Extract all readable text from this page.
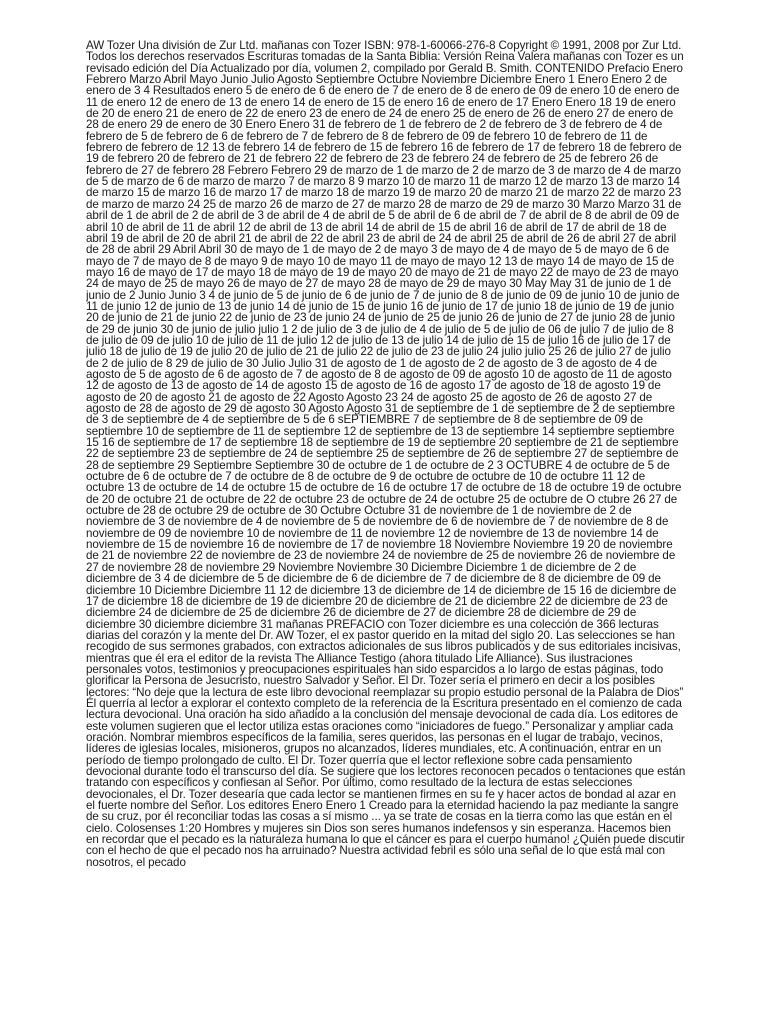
AW Tozer Una división de Zur Ltd. mañanas con Tozer ISBN: 978-1-60066-276-8 Copyright © 1991, 2008 por Zur Ltd. Todos los derechos reservados Escrituras tomadas de la Santa Biblia: Versión Reina Valera mañanas con Tozer es un revisado edición del Día Actualizado por día, volumen 2, compilado por Gerald B. Smith. CONTENIDO Prefacio Enero Febrero Marzo Abril Mayo Junio Julio Agosto Septiembre Octubre Noviembre Diciembre Enero 1 Enero Enero 2 de enero de 3 4 Resultados enero 5 de enero de 6 de enero de 7 de enero de 8 de enero de 09 de enero 10 de enero de 11 de enero 12 de enero de 13 de enero 14 de enero de 15 de enero 16 de enero de 17 Enero Enero 18 19 de enero de 20 de enero 21 de enero de 22 de enero 23 de enero de 24 de enero 25 de enero de 26 de enero 27 de enero de 28 de enero 29 de enero de 30 Enero Enero 31 de febrero de 1 de febrero de 2 de febrero de 3 de febrero de 4 de febrero de 5 de febrero de 6 de febrero de 7 de febrero de 8 de febrero de 09 de febrero 10 de febrero de 11 de febrero de febrero de 12 13 de febrero 14 de febrero de 15 de febrero 16 de febrero de 17 de febrero 18 de febrero de 19 de febrero 20 de febrero de 21 de febrero 22 de febrero de 23 de febrero 24 de febrero de 25 de febrero 26 de febrero de 27 de febrero 28 Febrero Febrero 29 de marzo de 1 de marzo de 2 de marzo de 3 de marzo de 4 de marzo de 5 de marzo de 6 de marzo de marzo 7 de marzo 8 9 marzo 10 de marzo 11 de marzo 12 de marzo 13 de marzo 14 de marzo 15 de marzo 16 de marzo 17 de marzo 18 de marzo 19 de marzo 20 de marzo 21 de marzo 22 de marzo 23 de marzo de marzo 24 25 de marzo 26 de marzo de 27 de marzo 28 de marzo de 29 de marzo 30 Marzo Marzo 31 de abril de 1 de abril de 2 de abril de 3 de abril de 4 de abril de 5 de abril de 6 de abril de 7 de abril de 8 de abril de 09 de abril 10 de abril de 11 de abril 12 de abril de 13 de abril 14 de abril de 15 de abril 16 de abril de 17 de abril de 18 de abril 19 de abril de 20 de abril 21 de abril de 22 de abril 23 de abril de 24 de abril 25 de abril de 26 de abril 27 de abril de 28 de abril 29 Abril Abril 30 de mayo de 1 de mayo de 2 de mayo 3 de mayo de 4 de mayo de 5 de mayo de 6 de mayo de 7 de mayo de 8 de mayo 9 de mayo 10 de mayo 11 de mayo de mayo 12 13 de mayo 14 de mayo de 15 de mayo 16 de mayo de 17 de mayo 18 de mayo de 19 de mayo 20 de mayo de 21 de mayo 22 de mayo de 23 de mayo 24 de mayo de 25 de mayo 26 de mayo de 27 de mayo 28 de mayo de 29 de mayo 30 May May 31 de junio de 1 de junio de 2 Junio Junio 3 4 de junio de 5 de junio de 6 de junio de 7 de junio de 8 de junio de 09 de junio 10 de junio de 11 de junio 12 de junio de 13 de junio 14 de junio de 15 de junio 16 de junio de 17 de junio 18 de junio de 19 de junio 20 de junio de 21 de junio 22 de junio de 23 de junio 24 de junio de 25 de junio 26 de junio de 27 de junio 28 de junio de 29 de junio 30 de junio de julio julio 1 2 de julio de 3 de julio de 4 de julio de 5 de julio de 06 de julio 7 de julio de 8 de julio de 09 de julio 10 de julio de 11 de julio 12 de julio de 13 de julio 14 de julio de 15 de julio 16 de julio de 17 de julio 18 de julio de 19 de julio 20 de julio de 21 de julio 22 de julio de 23 de julio 24 julio julio 25 26 de julio 27 de julio de 2 de julio de 8 29 de julio de 30 Julio Julio 31 de agosto de 1 de agosto de 2 de agosto de 3 de agosto de 4 de agosto de 5 de agosto de 6 de agosto de 7 de agosto de 8 de agosto de 09 de agosto 10 de agosto de 11 de agosto 12 de agosto de 13 de agosto de 14 de agosto 15 de agosto de 16 de agosto 17 de agosto de 18 de agosto 19 de agosto de 20 de agosto 21 de agosto de 22 Agosto Agosto 23 24 de agosto 25 de agosto de 26 de agosto 27 de agosto de 28 de agosto de 29 de agosto 30 Agosto Agosto 31 de septiembre de 1 de septiembre de 2 de septiembre de 3 de septiembre de 4 de septiembre de 5 de 6 sEPTIEMBRE 7 de septiembre de 8 de septiembre de 09 de septiembre 10 de septiembre de 11 de septiembre 12 de septiembre de 13 de septiembre 14 septiembre septiembre 15 16 de septiembre de 17 de septiembre 18 de septiembre de 19 de septiembre 20 septiembre de 21 de septiembre 22 de septiembre 23 de septiembre de 24 de septiembre 25 de septiembre de 26 de septiembre 27 de septiembre de 28 de septiembre 29 Septiembre Septiembre 30 de octubre de 1 de octubre de 2 3 OCTUBRE 4 de octubre de 5 de octubre de 6 de octubre de 7 de octubre de 8 de octubre de 9 de octubre de octubre de 10 de octubre 11 12 de octubre 13 de octubre de 14 de octubre 15 de octubre de 16 de octubre 17 de octubre de 18 de octubre 19 de octubre de 20 de octubre 21 de octubre de 22 de octubre 23 de octubre de 24 de octubre 25 de octubre de O ctubre 26 27 de octubre de 28 de octubre 29 de octubre de 30 Octubre Octubre 31 de noviembre de 1 de noviembre de 2 de noviembre de 3 de noviembre de 4 de noviembre de 5 de noviembre de 6 de noviembre de 7 de noviembre de 8 de noviembre de 09 de noviembre 10 de noviembre de 11 de noviembre 12 de noviembre de 13 de noviembre 14 de noviembre de 15 de noviembre 16 de noviembre de 17 de noviembre 18 Noviembre Noviembre 19 20 de noviembre de 21 de noviembre 22 de noviembre de 23 de noviembre 24 de noviembre de 25 de noviembre 26 de noviembre de 27 de noviembre 28 de noviembre 29 Noviembre Noviembre 30 Diciembre Diciembre 1 de diciembre de 2 de diciembre de 3 4 de diciembre de 5 de diciembre de 6 de diciembre de 7 de diciembre de 8 de diciembre de 09 de diciembre 10 Diciembre Diciembre 11 12 de diciembre 13 de diciembre de 14 de diciembre de 15 16 de diciembre de 17 de diciembre 18 de diciembre de 19 de diciembre 20 de diciembre de 21 de diciembre 22 de diciembre de 23 de diciembre 24 de diciembre de 25 de diciembre 26 de diciembre de 27 de diciembre 28 de diciembre de 29 de diciembre 30 diciembre diciembre 31 mañanas PREFACIO con Tozer diciembre es una colección de 366 lecturas diarias del corazón y la mente del Dr. AW Tozer, el ex pastor querido en la mitad del siglo 20. Las selecciones se han recogido de sus sermones grabados, con extractos adicionales de sus libros publicados y de sus editoriales incisivas, mientras que él era el editor de la revista The Alliance Testigo (ahora titulado Life Alliance). Sus ilustraciones personales votos, testimonios y preocupaciones espirituales han sido esparcidos a lo largo de estas páginas, todo glorificar la Persona de Jesucristo, nuestro Salvador y Señor. El Dr. Tozer sería el primero en decir a los posibles lectores: “No deje que la lectura de este libro devocional reemplazar su propio estudio personal de la Palabra de Dios” Él querría al lector a explorar el contexto completo de la referencia de la Escritura presentado en el comienzo de cada lectura devocional. Una oración ha sido añadido a la conclusión del mensaje devocional de cada día. Los editores de este volumen sugieren que el lector utiliza estas oraciones como “iniciadores de fuego.” Personalizar y ampliar cada oración. Nombrar miembros específicos de la familia, seres queridos, las personas en el lugar de trabajo, vecinos, líderes de iglesias locales, misioneros, grupos no alcanzados, líderes mundiales, etc. A continuación, entrar en un período de tiempo prolongado de culto. El Dr. Tozer querría que el lector reflexione sobre cada pensamiento devocional durante todo el transcurso del día. Se sugiere que los lectores reconocen pecados o tentaciones que están tratando con específicos y confiesan al Señor. Por último, como resultado de la lectura de estas selecciones devocionales, el Dr. Tozer desearía que cada lector se mantienen firmes en su fe y hacer actos de bondad al azar en el fuerte nombre del Señor. Los editores Enero Enero 1 Creado para la eternidad haciendo la paz mediante la sangre de su cruz, por él reconciliar todas las cosas a sí mismo ... ya se trate de cosas en la tierra como las que están en el cielo. Colosenses 1:20 Hombres y mujeres sin Dios son seres humanos indefensos y sin esperanza. Hacemos bien en recordar que el pecado es la naturaleza humana lo que el cáncer es para el cuerpo humano! ¿Quién puede discutir con el hecho de que el pecado nos ha arruinado? Nuestra actividad febril es sólo una señal de lo que está mal con nosotros, el pecado
